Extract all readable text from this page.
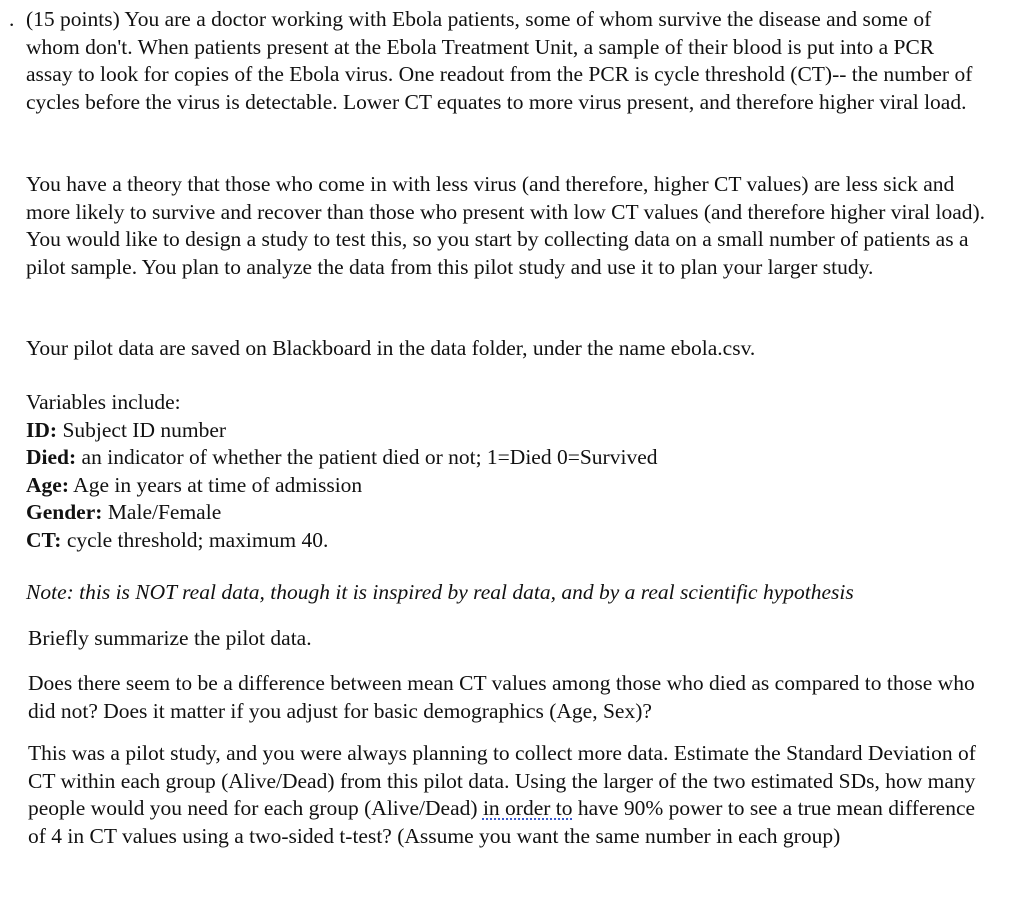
. (15 points) You are a doctor working with Ebola patients, some of whom survive the disease and some of whom don't. When patients present at the Ebola Treatment Unit, a sample of their blood is put into a PCR assay to look for copies of the Ebola virus. One readout from the PCR is cycle threshold (CT)-- the number of cycles before the virus is detectable. Lower CT equates to more virus present, and therefore higher viral load.

You have a theory that those who come in with less virus (and therefore, higher CT values) are less sick and more likely to survive and recover than those who present with low CT values (and therefore higher viral load). You would like to design a study to test this, so you start by collecting data on a small number of patients as a pilot sample. You plan to analyze the data from this pilot study and use it to plan your larger study.

Your pilot data are saved on Blackboard in the data folder, under the name ebola.csv.

Variables include:
ID: Subject ID number
Died: an indicator of whether the patient died or not; 1=Died 0=Survived
Age: Age in years at time of admission
Gender: Male/Female
CT: cycle threshold; maximum 40.

Note: this is NOT real data, though it is inspired by real data, and by a real scientific hypothesis

Briefly summarize the pilot data.

Does there seem to be a difference between mean CT values among those who died as compared to those who did not? Does it matter if you adjust for basic demographics (Age, Sex)?

This was a pilot study, and you were always planning to collect more data. Estimate the Standard Deviation of CT within each group (Alive/Dead) from this pilot data. Using the larger of the two estimated SDs, how many people would you need for each group (Alive/Dead) in order to have 90% power to see a true mean difference of 4 in CT values using a two-sided t-test? (Assume you want the same number in each group)
